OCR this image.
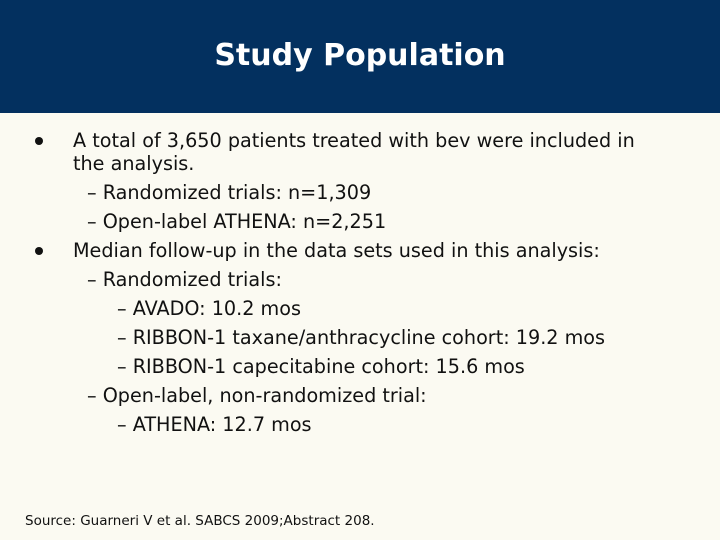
Study Population
A total of 3,650 patients treated with bev were included in
the analysis.
– Randomized trials: n=1,309
– Open-label ATHENA: n=2,251
Median follow-up in the data sets used in this analysis:
– Randomized trials:
– AVADO: 10.2 mos
– RIBBON-1 taxane/anthracycline cohort: 19.2 mos
– RIBBON-1 capecitabine cohort: 15.6 mos
– Open-label, non-randomized trial:
– ATHENA: 12.7 mos
Source: Guarneri V et al. SABCS 2009;Abstract 208.
